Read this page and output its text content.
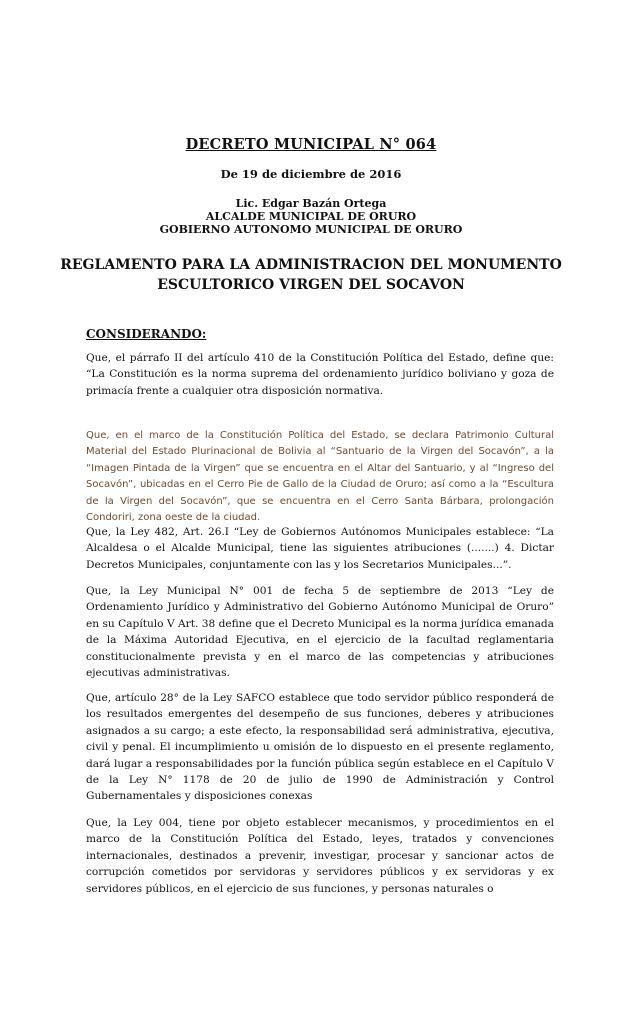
DECRETO MUNICIPAL N° 064
De 19 de diciembre de 2016
Lic. Edgar Bazán Ortega
ALCALDE MUNICIPAL DE ORURO
GOBIERNO AUTONOMO MUNICIPAL DE ORURO
REGLAMENTO PARA LA ADMINISTRACION DEL MONUMENTO ESCULTORICO VIRGEN DEL SOCAVON
CONSIDERANDO:
Que, el párrafo II del artículo 410 de la Constitución Política del Estado, define que: “La Constitución es la norma suprema del ordenamiento jurídico boliviano y goza de primacía frente a cualquier otra disposición normativa.
Que, en el marco de la Constitución Política del Estado, se declara Patrimonio Cultural Material del Estado Plurinacional de Bolivia al “Santuario de la Virgen del Socavón”, a la “Imagen Pintada de la Virgen” que se encuentra en el Altar del Santuario, y al “Ingreso del Socavón”, ubicadas en el Cerro Pie de Gallo de la Ciudad de Oruro; así como a la “Escultura de la Virgen del Socavón”, que se encuentra en el Cerro Santa Bárbara, prolongación Condoriri, zona oeste de la ciudad.
Que, la Ley 482, Art. 26.I “Ley de Gobiernos Autónomos Municipales establece: “La Alcaldesa o el Alcalde Municipal, tiene las siguientes atribuciones (.......) 4. Dictar Decretos Municipales, conjuntamente con las y los Secretarios Municipales...”.
Que, la Ley Municipal N° 001 de fecha 5 de septiembre de 2013 “Ley de Ordenamiento Jurídico y Administrativo del Gobierno Autónomo Municipal de Oruro” en su Capítulo V Art. 38 define que el Decreto Municipal es la norma jurídica emanada de la Máxima Autoridad Ejecutiva, en el ejercicio de la facultad reglamentaria constitucionalmente prevista y en el marco de las competencias y atribuciones ejecutivas administrativas.
Que, artículo 28° de la Ley SAFCO establece que todo servidor público responderá de los resultados emergentes del desempeño de sus funciones, deberes y atribuciones asignados a su cargo; a este efecto, la responsabilidad será administrativa, ejecutiva, civil y penal. El incumplimiento u omisión de lo dispuesto en el presente reglamento, dará lugar a responsabilidades por la función pública según establece en el Capítulo V de la Ley N° 1178 de 20 de julio de 1990 de Administración y Control Gubernamentales y disposiciones conexas
Que, la Ley 004, tiene por objeto establecer mecanismos, y procedimientos en el marco de la Constitución Política del Estado, leyes, tratados y convenciones internacionales, destinados a prevenir, investigar, procesar y sancionar actos de corrupción cometidos por servidoras y servidores públicos y ex servidoras y ex servidores públicos, en el ejercicio de sus funciones, y personas naturales o
